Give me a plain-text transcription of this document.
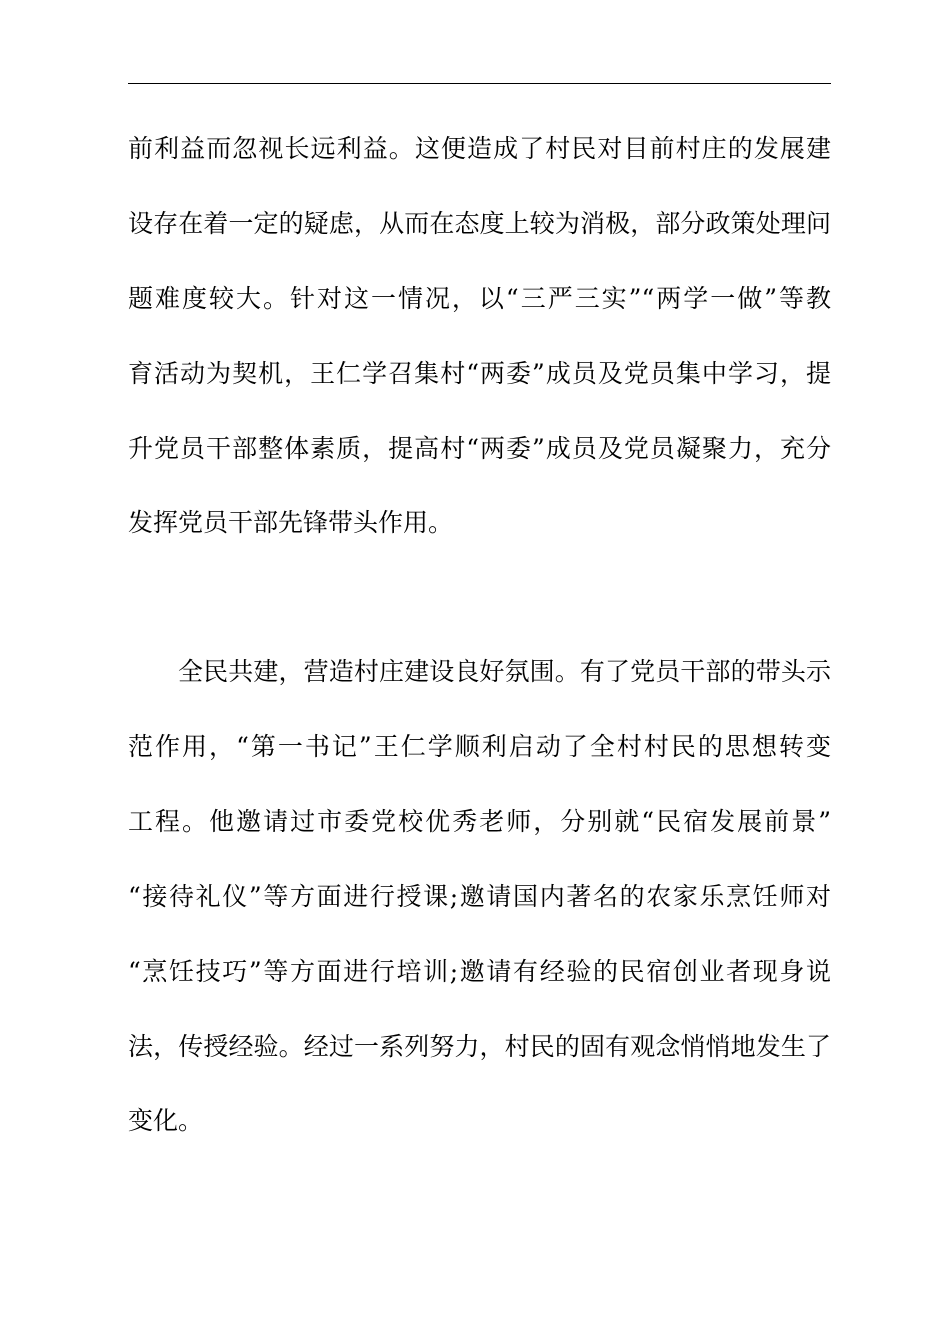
前利益而忽视长远利益。这便造成了村民对目前村庄的发展建
设存在着一定的疑虑，从而在态度上较为消极，部分政策处理问
题难度较大。针对这一情况，以“三严三实”“两学一做”等教
育活动为契机，王仁学召集村“两委”成员及党员集中学习，提
升党员干部整体素质，提高村“两委”成员及党员凝聚力，充分
发挥党员干部先锋带头作用。
全民共建，营造村庄建设良好氛围。有了党员干部的带头示
范作用，“第一书记”王仁学顺利启动了全村村民的思想转变
工程。他邀请过市委党校优秀老师，分别就“民宿发展前景”
“接待礼仪”等方面进行授课;邀请国内著名的农家乐烹饪师对
“烹饪技巧”等方面进行培训;邀请有经验的民宿创业者现身说
法，传授经验。经过一系列努力，村民的固有观念悄悄地发生了
变化。
